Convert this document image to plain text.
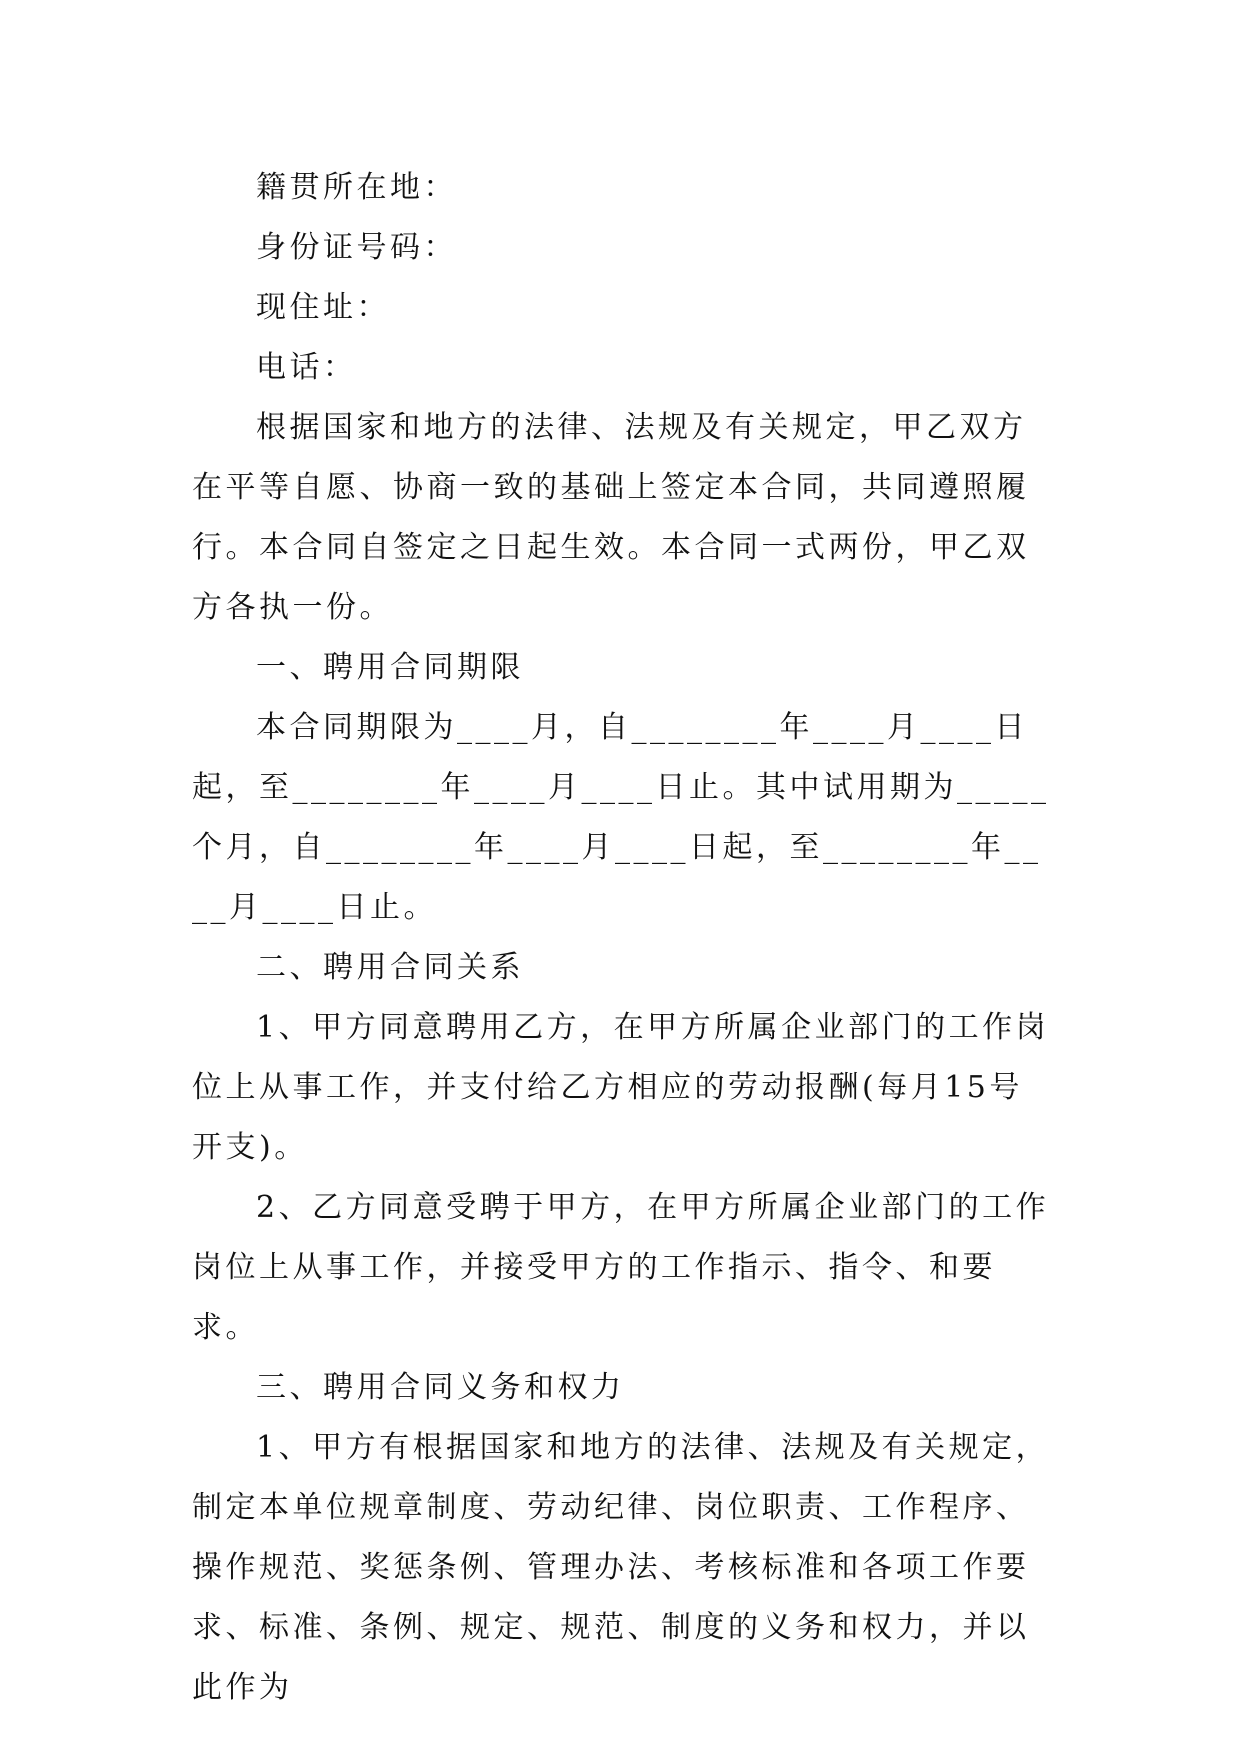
籍贯所在地：

身份证号码：

现住址：

电话：

根据国家和地方的法律、法规及有关规定，甲乙双方在平等自愿、协商一致的基础上签定本合同，共同遵照履行。本合同自签定之日起生效。本合同一式两份，甲乙双方各执一份。

一、聘用合同期限

本合同期限为____月，自________年____月____日起，至________年____月____日止。其中试用期为_____个月，自________年____月____日起，至________年____月____日止。

二、聘用合同关系

1、甲方同意聘用乙方，在甲方所属企业部门的工作岗位上从事工作，并支付给乙方相应的劳动报酬(每月15号开支)。

2、乙方同意受聘于甲方，在甲方所属企业部门的工作岗位上从事工作，并接受甲方的工作指示、指令、和要求。

三、聘用合同义务和权力

1、甲方有根据国家和地方的法律、法规及有关规定，制定本单位规章制度、劳动纪律、岗位职责、工作程序、操作规范、奖惩条例、管理办法、考核标准和各项工作要求、标准、条例、规定、规范、制度的义务和权力，并以此作为
